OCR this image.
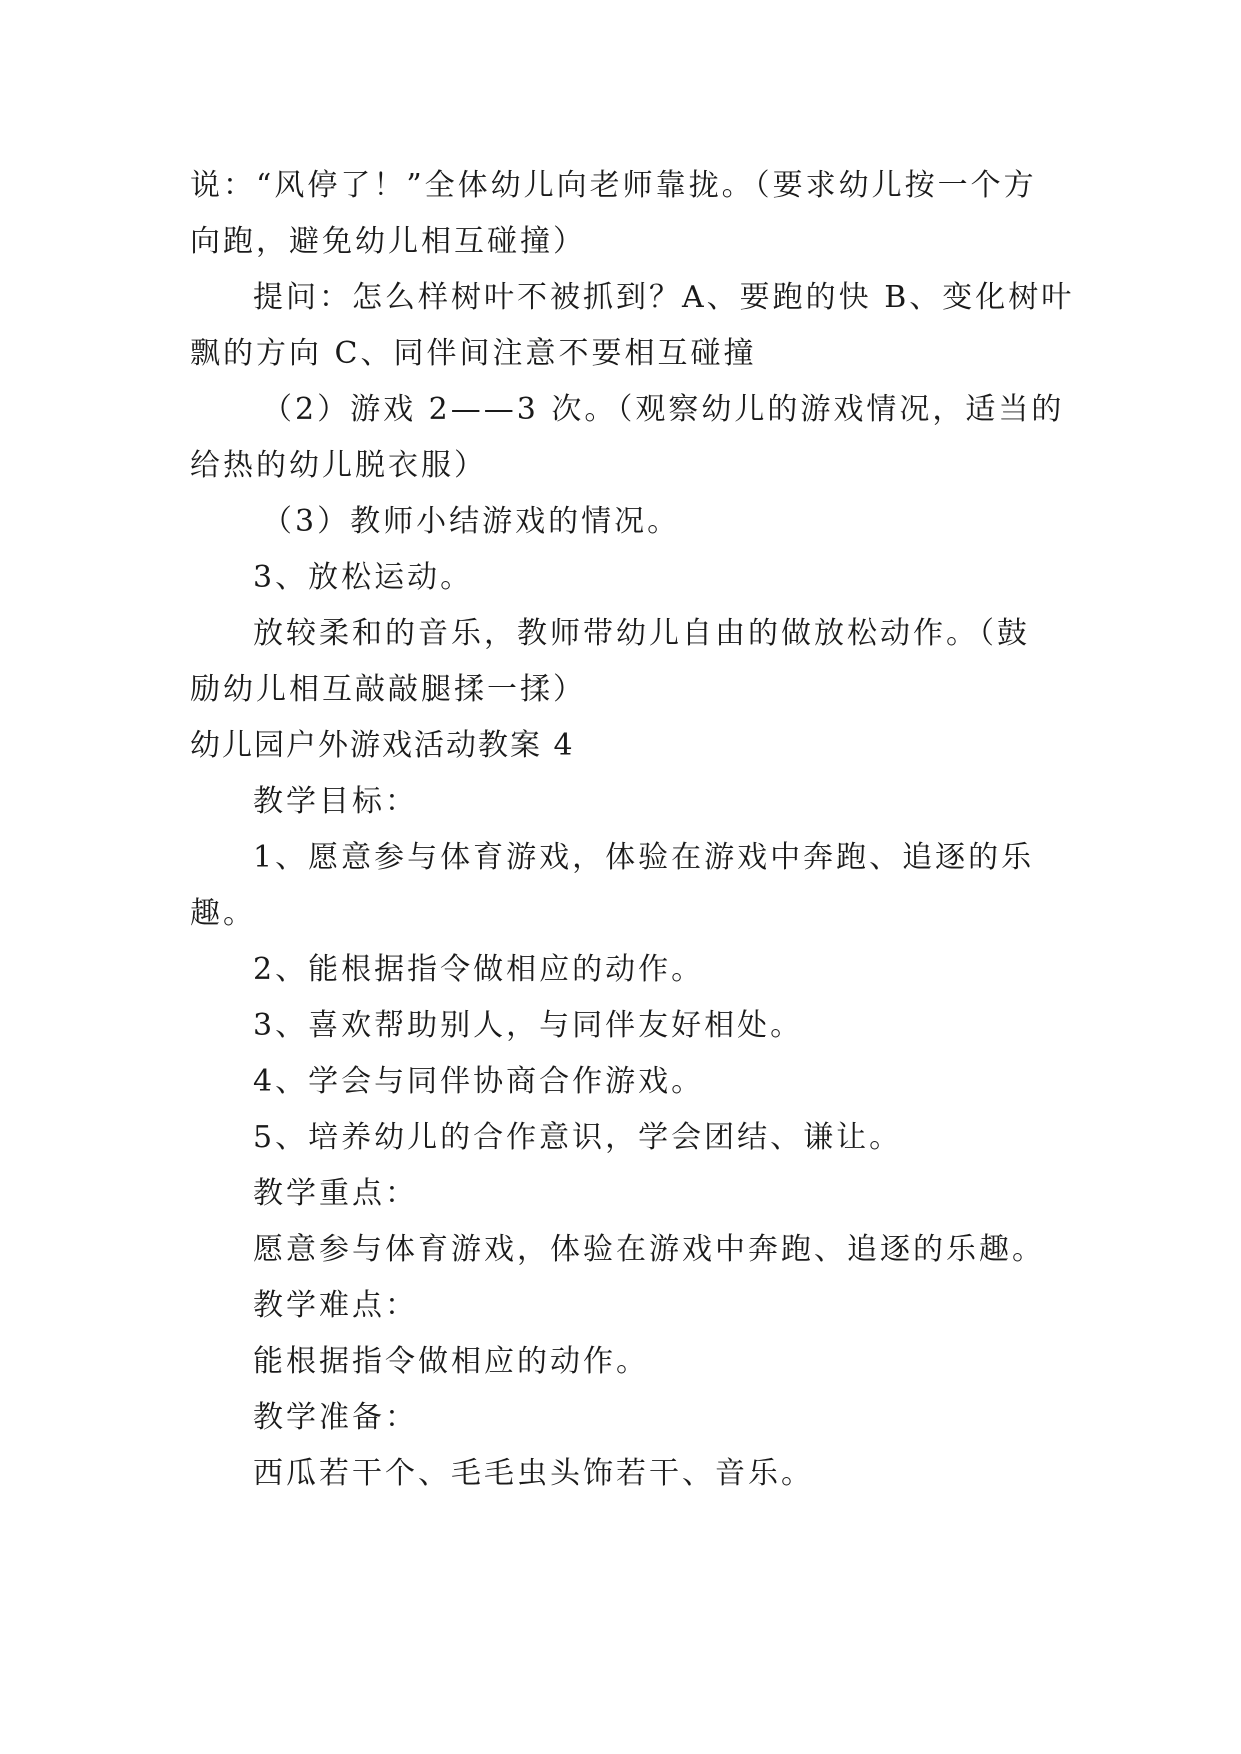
说：“风停了！”全体幼儿向老师靠拢。（要求幼儿按一个方
向跑，避免幼儿相互碰撞）
提问：怎么样树叶不被抓到？A、要跑的快 B、变化树叶
飘的方向 C、同伴间注意不要相互碰撞
（2）游戏 2——3 次。（观察幼儿的游戏情况，适当的
给热的幼儿脱衣服）
（3）教师小结游戏的情况。
3、放松运动。
放较柔和的音乐，教师带幼儿自由的做放松动作。（鼓
励幼儿相互敲敲腿揉一揉）
幼儿园户外游戏活动教案 4
教学目标：
1、愿意参与体育游戏，体验在游戏中奔跑、追逐的乐
趣。
2、能根据指令做相应的动作。
3、喜欢帮助别人，与同伴友好相处。
4、学会与同伴协商合作游戏。
5、培养幼儿的合作意识，学会团结、谦让。
教学重点：
愿意参与体育游戏，体验在游戏中奔跑、追逐的乐趣。
教学难点：
能根据指令做相应的动作。
教学准备：
西瓜若干个、毛毛虫头饰若干、音乐。
